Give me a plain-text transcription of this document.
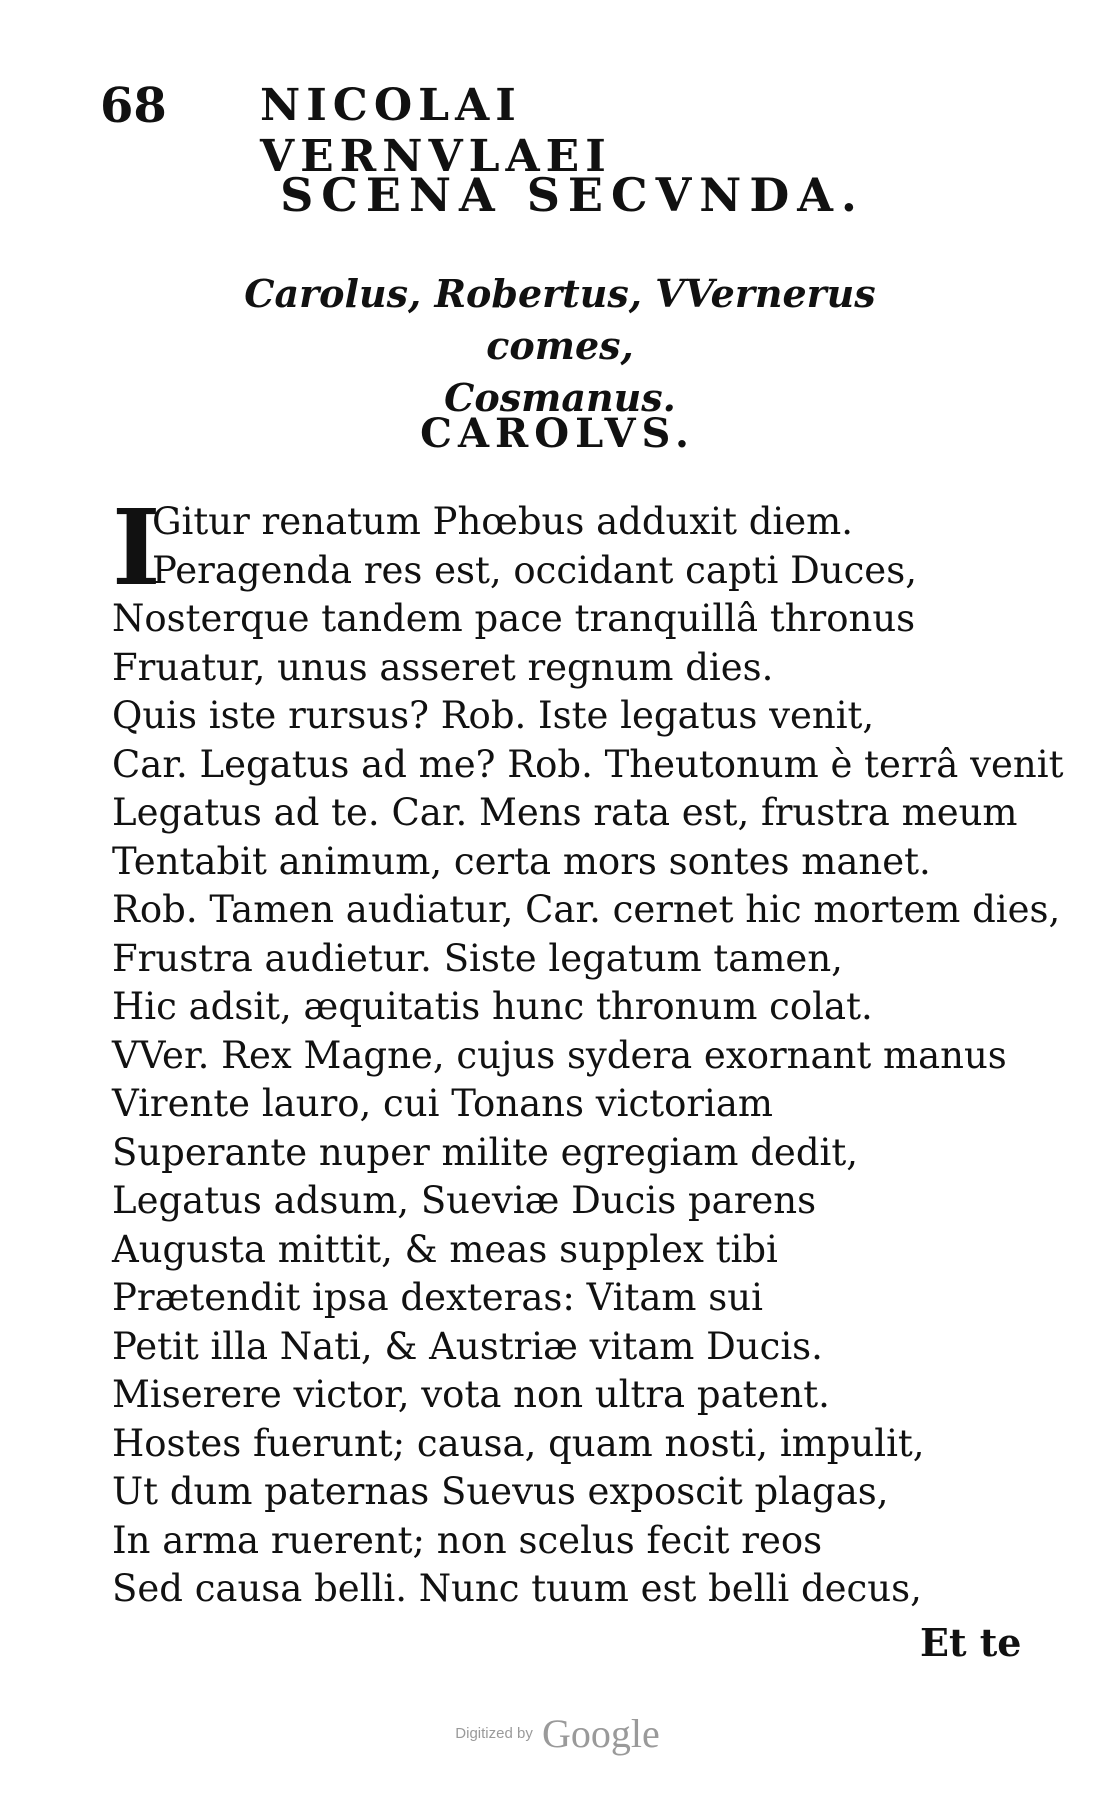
68 NICOLAI VERNVLAEI
SCENA SECVNDA.
Carolus, Robertus, VVernerus comes,
Cosmanus.
CAROLVS.
I
Gitur renatum Phœbus adduxit diem.
Peragenda res est, occidant capti Duces,
Nosterque tandem pace tranquillâ thronus
Fruatur, unus asseret regnum dies.
Quis iste rursus? Rob. Iste legatus venit,
Car. Legatus ad me? Rob. Theutonum è terrâ venit
Legatus ad te. Car. Mens rata est, frustra meum
Tentabit animum, certa mors sontes manet.
Rob. Tamen audiatur, Car. cernet hic mortem dies,
Frustra audietur. Siste legatum tamen,
Hic adsit, æquitatis hunc thronum colat.
VVer. Rex Magne, cujus sydera exornant manus
Virente lauro, cui Tonans victoriam
Superante nuper milite egregiam dedit,
Legatus adsum, Sueviæ Ducis parens
Augusta mittit, & meas supplex tibi
Prætendit ipsa dexteras: Vitam sui
Petit illa Nati, & Austriæ vitam Ducis.
Miserere victor, vota non ultra patent.
Hostes fuerunt; causa, quam nosti, impulit,
Ut dum paternas Suevus exposcit plagas,
In arma ruerent; non scelus fecit reos
Sed causa belli. Nunc tuum est belli decus,
Et te
Digitized by Google
